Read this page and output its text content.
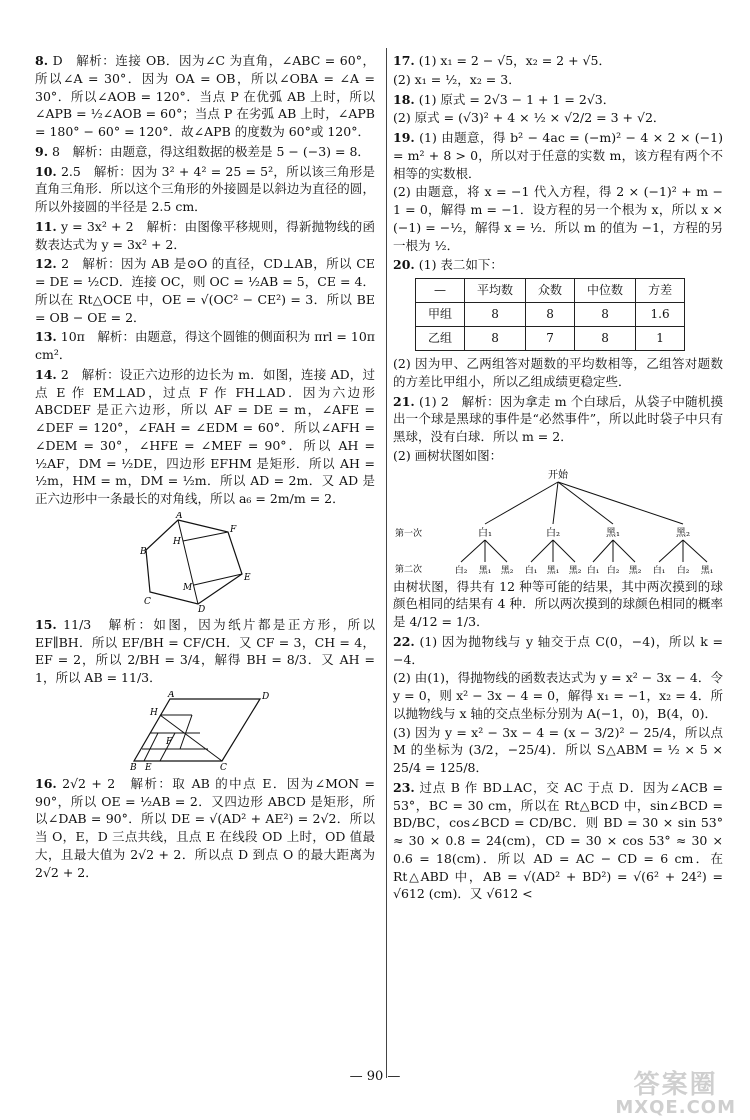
8. D　解析：连接 OB．因为∠C 为直角，∠ABC = 60°，所以∠A = 30°．因为 OA = OB，所以∠OBA = ∠A = 30°．所以∠AOB = 120°．当点 P 在优弧 AB 上时，所以∠APB = ½∠AOB = 60°；当点 P 在劣弧 AB 上时，∠APB = 180° − 60° = 120°．故∠APB 的度数为 60°或 120°．
9. 8　解析：由题意，得这组数据的极差是 5 − (−3) = 8．
10. 2.5　解析：因为 3² + 4² = 25 = 5²，所以该三角形是直角三角形．所以这个三角形的外接圆是以斜边为直径的圆，所以外接圆的半径是 2.5 cm．
11. y = 3x² + 2　解析：由图像平移规则，得新抛物线的函数表达式为 y = 3x² + 2．
12. 2　解析：因为 AB 是⊙O 的直径，CD⊥AB，所以 CE = DE = ½CD．连接 OC，则 OC = ½AB = 5，CE = 4．所以在 Rt△OCE 中，OE = √(OC² − CE²) = 3．所以 BE = OB − OE = 2．
13. 10π　解析：由题意，得这个圆锥的侧面积为 πrl = 10π cm²．
14. 2　解析：设正六边形的边长为 m．如图，连接 AD，过点 E 作 EM⊥AD，过点 F 作 FH⊥AD．因为六边形 ABCDEF 是正六边形，所以 AF = DE = m，∠AFE = ∠DEF = 120°，∠FAH = ∠EDM = 60°．所以∠AFH = ∠DEM = 30°，∠HFE = ∠MEF = 90°．所以 AH = ½AF，DM = ½DE，四边形 EFHM 是矩形．所以 AH = ½m，HM = m，DM = ½m．所以 AD = 2m．又 AD 是正六边形中一条最长的对角线，所以 a₆ = 2m/m = 2．
A
B
C
D
E
F
H
M
15. 11/3　解析：如图，因为纸片都是正方形，所以 EF∥BH．所以 EF/BH = CF/CH．又 CF = 3，CH = 4，EF = 2，所以 2/BH = 3/4，解得 BH = 8/3．又 AH = 1，所以 AB = 11/3．
A
B	C
D
E
F
H
16. 2√2 + 2　解析：取 AB 的中点 E．因为∠MON = 90°，所以 OE = ½AB = 2．又四边形 ABCD 是矩形，所以∠DAB = 90°．所以 DE = √(AD² + AE²) = 2√2．所以当 O，E，D 三点共线，且点 E 在线段 OD 上时，OD 值最大，且最大值为 2√2 + 2．所以点 D 到点 O 的最大距离为 2√2 + 2．

17. (1) x₁ = 2 − √5，x₂ = 2 + √5．

(2) x₁ = ½，x₂ = 3．

18. (1) 原式 = 2√3 − 1 + 1 = 2√3．

(2) 原式 = (√3)² + 4 × ½ × √2/2 = 3 + √2．

19. (1) 由题意，得 b² − 4ac = (−m)² − 4 × 2 × (−1) = m² + 8 > 0，所以对于任意的实数 m，该方程有两个不相等的实数根．

(2) 由题意，将 x = −1 代入方程，得 2 × (−1)² + m − 1 = 0，解得 m = −1．设方程的另一个根为 x，所以 x × (−1) = −½，解得 x = ½．所以 m 的值为 −1，方程的另一根为 ½．

20. (1) 表二如下：

—	平均数	众数	中位数	方差
甲组	8	8	8	1.6
乙组	8	7	8	1

(2) 因为甲、乙两组答对题数的平均数相等，乙组答对题数的方差比甲组小，所以乙组成绩更稳定些．

21. (1) 2　解析：因为拿走 m 个白球后，从袋子中随机摸出一个球是黑球的事件是“必然事件”，所以此时袋子中只有黑球，没有白球．所以 m = 2．

(2) 画树状图如图：

开始
第一次
第二次
白₁	白₂	黑₁	黑₂
白₂ 黑₁ 黑₂ 白₁ 黑₁ 黑₂ 白₁ 白₂ 黑₂ 白₁ 白₂ 黑₁

由树状图，得共有 12 种等可能的结果，其中两次摸到的球颜色相同的结果有 4 种．所以两次摸到的球颜色相同的概率是 4/12 = 1/3．

22. (1) 因为抛物线与 y 轴交于点 C(0，−4)，所以 k = −4．

(2) 由(1)，得抛物线的函数表达式为 y = x² − 3x − 4．令 y = 0，则 x² − 3x − 4 = 0，解得 x₁ = −1，x₂ = 4．所以抛物线与 x 轴的交点坐标分别为 A(−1，0)，B(4，0)．

(3) 因为 y = x² − 3x − 4 = (x − 3/2)² − 25/4，所以点 M 的坐标为 (3/2，−25/4)．所以 S△ABM = ½ × 5 × 25/4 = 125/8．

23. 过点 B 作 BD⊥AC，交 AC 于点 D．因为∠ACB = 53°，BC = 30 cm，所以在 Rt△BCD 中，sin∠BCD = BD/BC，cos∠BCD = CD/BC．则 BD = 30 × sin 53° ≈ 30 × 0.8 = 24(cm)，CD = 30 × cos 53° ≈ 30 × 0.6 = 18(cm)．所以 AD = AC − CD = 6 cm．在 Rt△ABD 中，AB = √(AD² + BD²) = √(6² + 24²) = √612 (cm)．又 √612 <
— 90 —	答案圈
MXQE.COM
